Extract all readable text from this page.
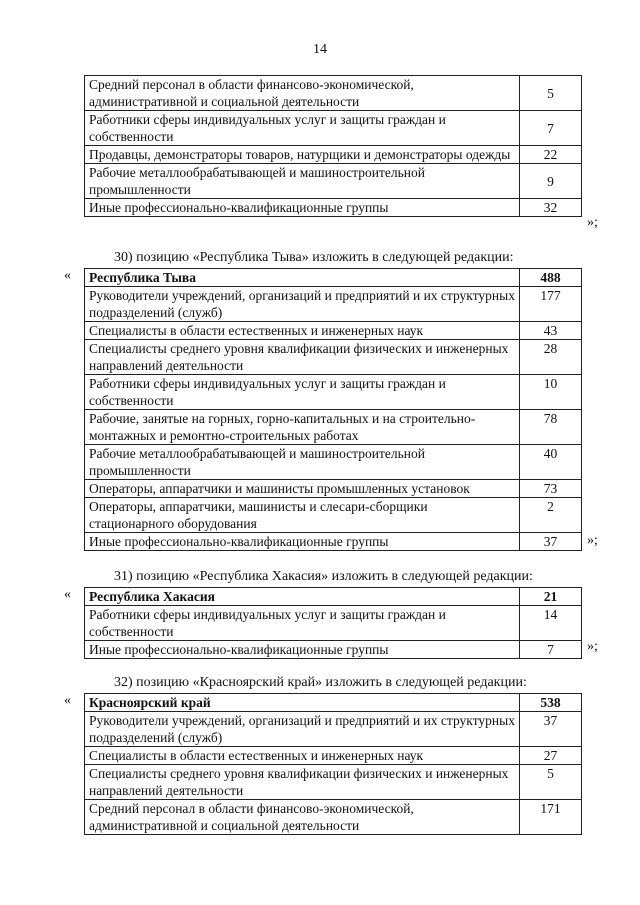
14
Средний персонал в области финансово-экономической, административной и социальной деятельности	5
Работники сферы индивидуальных услуг и защиты граждан и собственности	7
Продавцы, демонстраторы товаров, натурщики и демонстраторы одежды	22
Рабочие металлообрабатывающей и машиностроительной промышленности	9
Иные профессионально-квалификационные группы	32
»;
30) позицию «Республика Тыва» изложить в следующей редакции:
« Республика Тыва	488
Руководители учреждений, организаций и предприятий и их структурных подразделений (служб)	177
Специалисты в области естественных и инженерных наук	43
Специалисты среднего уровня квалификации физических и инженерных направлений деятельности	28
Работники сферы индивидуальных услуг и защиты граждан и собственности	10
Рабочие, занятые на горных, горно-капитальных и на строительно-монтажных и ремонтно-строительных работах	78
Рабочие металлообрабатывающей и машиностроительной промышленности	40
Операторы, аппаратчики и машинисты промышленных установок	73
Операторы, аппаратчики, машинисты и слесари-сборщики стационарного оборудования	2
Иные профессионально-квалификационные группы	37 »;
31) позицию «Республика Хакасия» изложить в следующей редакции:
« Республика Хакасия	21
Работники сферы индивидуальных услуг и защиты граждан и собственности	14
Иные профессионально-квалификационные группы	7 »;
32) позицию «Красноярский край» изложить в следующей редакции:
« Красноярский край	538
Руководители учреждений, организаций и предприятий и их структурных подразделений (служб)	37
Специалисты в области естественных и инженерных наук	27
Специалисты среднего уровня квалификации физических и инженерных направлений деятельности	5
Средний персонал в области финансово-экономической, административной и социальной деятельности	171
